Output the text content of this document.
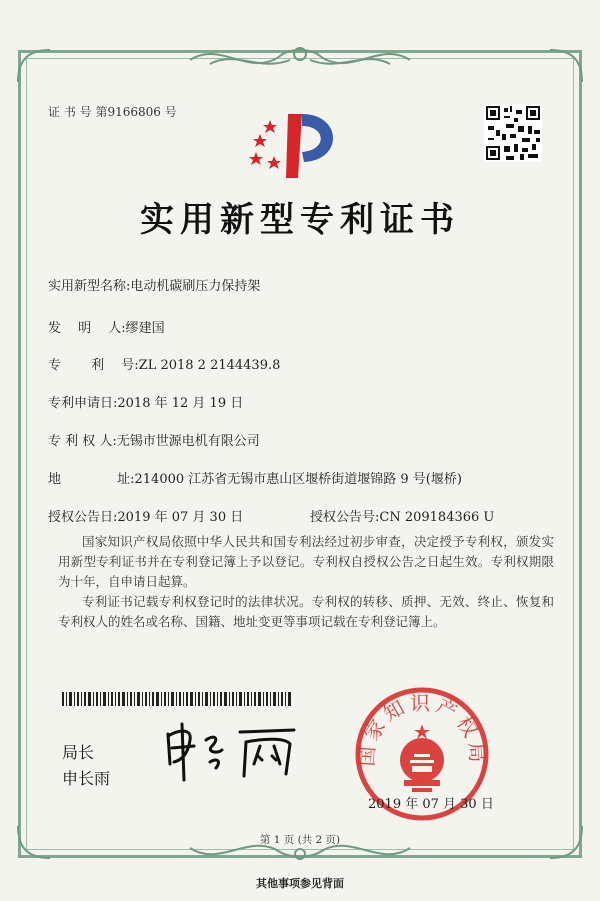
证 书 号 第9166806 号
实用新型专利证书
实用新型名称:电动机碳刷压力保持架
发　 明　 人:缪建国
专　　 利　 号:ZL 2018 2 2144439.8
专利申请日:2018 年 12 月 19 日
专 利 权 人:无锡市世源电机有限公司
地　　　　 址:214000 江苏省无锡市惠山区堰桥街道堰锦路 9 号(堰桥)
授权公告日:2019 年 07 月 30 日	授权公告号:CN 209184366 U
国家知识产权局依照中华人民共和国专利法经过初步审查，决定授予专利权，颁发实用新型专利证书并在专利登记簿上予以登记。专利权自授权公告之日起生效。专利权期限为十年，自申请日起算。
专利证书记载专利权登记时的法律状况。专利权的转移、质押、无效、终止、恢复和专利权人的姓名或名称、国籍、地址变更等事项记载在专利登记簿上。
局长
申长雨
国家知识产权局
2019 年 07 月 30 日
第 1 页 (共 2 页)
其他事项参见背面
